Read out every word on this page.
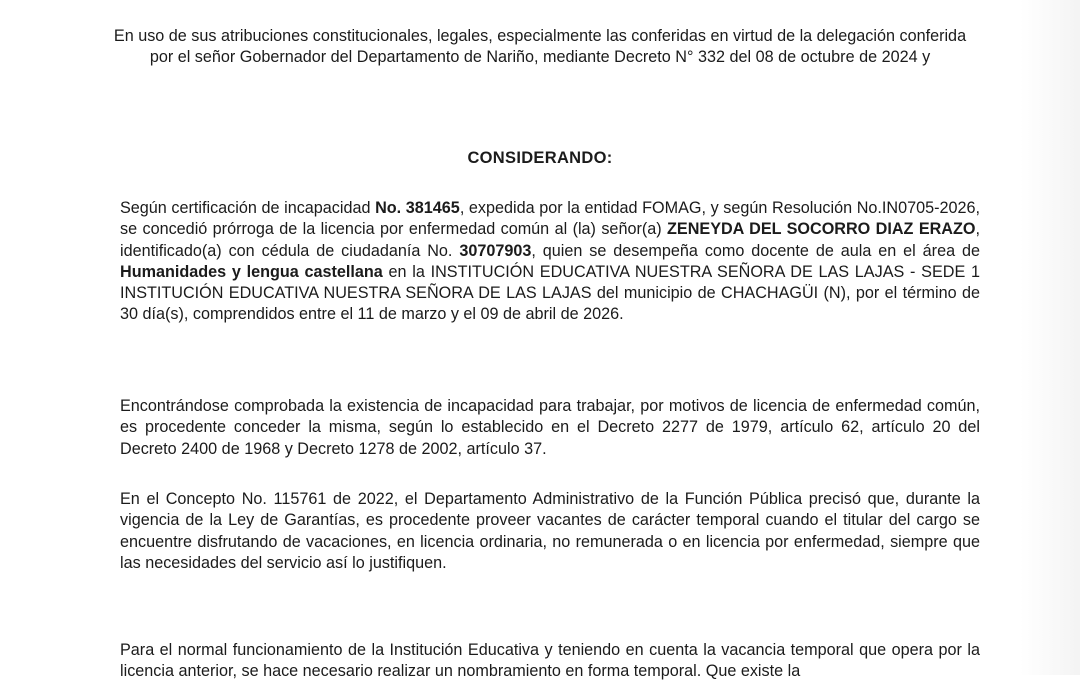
En uso de sus atribuciones constitucionales, legales, especialmente las conferidas en virtud de la delegación conferida por el señor Gobernador del Departamento de Nariño, mediante Decreto N° 332 del 08 de octubre de 2024 y
CONSIDERANDO:
Según certificación de incapacidad No. 381465, expedida por la entidad FOMAG, y según Resolución No.IN0705-2026, se concedió prórroga de la licencia por enfermedad común al (la) señor(a) ZENEYDA DEL SOCORRO DIAZ ERAZO, identificado(a) con cédula de ciudadanía No. 30707903, quien se desempeña como docente de aula en el área de Humanidades y lengua castellana en la INSTITUCIÓN EDUCATIVA NUESTRA SEÑORA DE LAS LAJAS - SEDE 1 INSTITUCIÓN EDUCATIVA NUESTRA SEÑORA DE LAS LAJAS del municipio de CHACHAGÜI (N), por el término de 30 día(s), comprendidos entre el 11 de marzo y el 09 de abril de 2026.
Encontrándose comprobada la existencia de incapacidad para trabajar, por motivos de licencia de enfermedad común, es procedente conceder la misma, según lo establecido en el Decreto 2277 de 1979, artículo 62, artículo 20 del Decreto 2400 de 1968 y Decreto 1278 de 2002, artículo 37.
En el Concepto No. 115761 de 2022, el Departamento Administrativo de la Función Pública precisó que, durante la vigencia de la Ley de Garantías, es procedente proveer vacantes de carácter temporal cuando el titular del cargo se encuentre disfrutando de vacaciones, en licencia ordinaria, no remunerada o en licencia por enfermedad, siempre que las necesidades del servicio así lo justifiquen.
Para el normal funcionamiento de la Institución Educativa y teniendo en cuenta la vacancia temporal que opera por la licencia anterior, se hace necesario realizar un nombramiento en forma temporal. Que existe la
